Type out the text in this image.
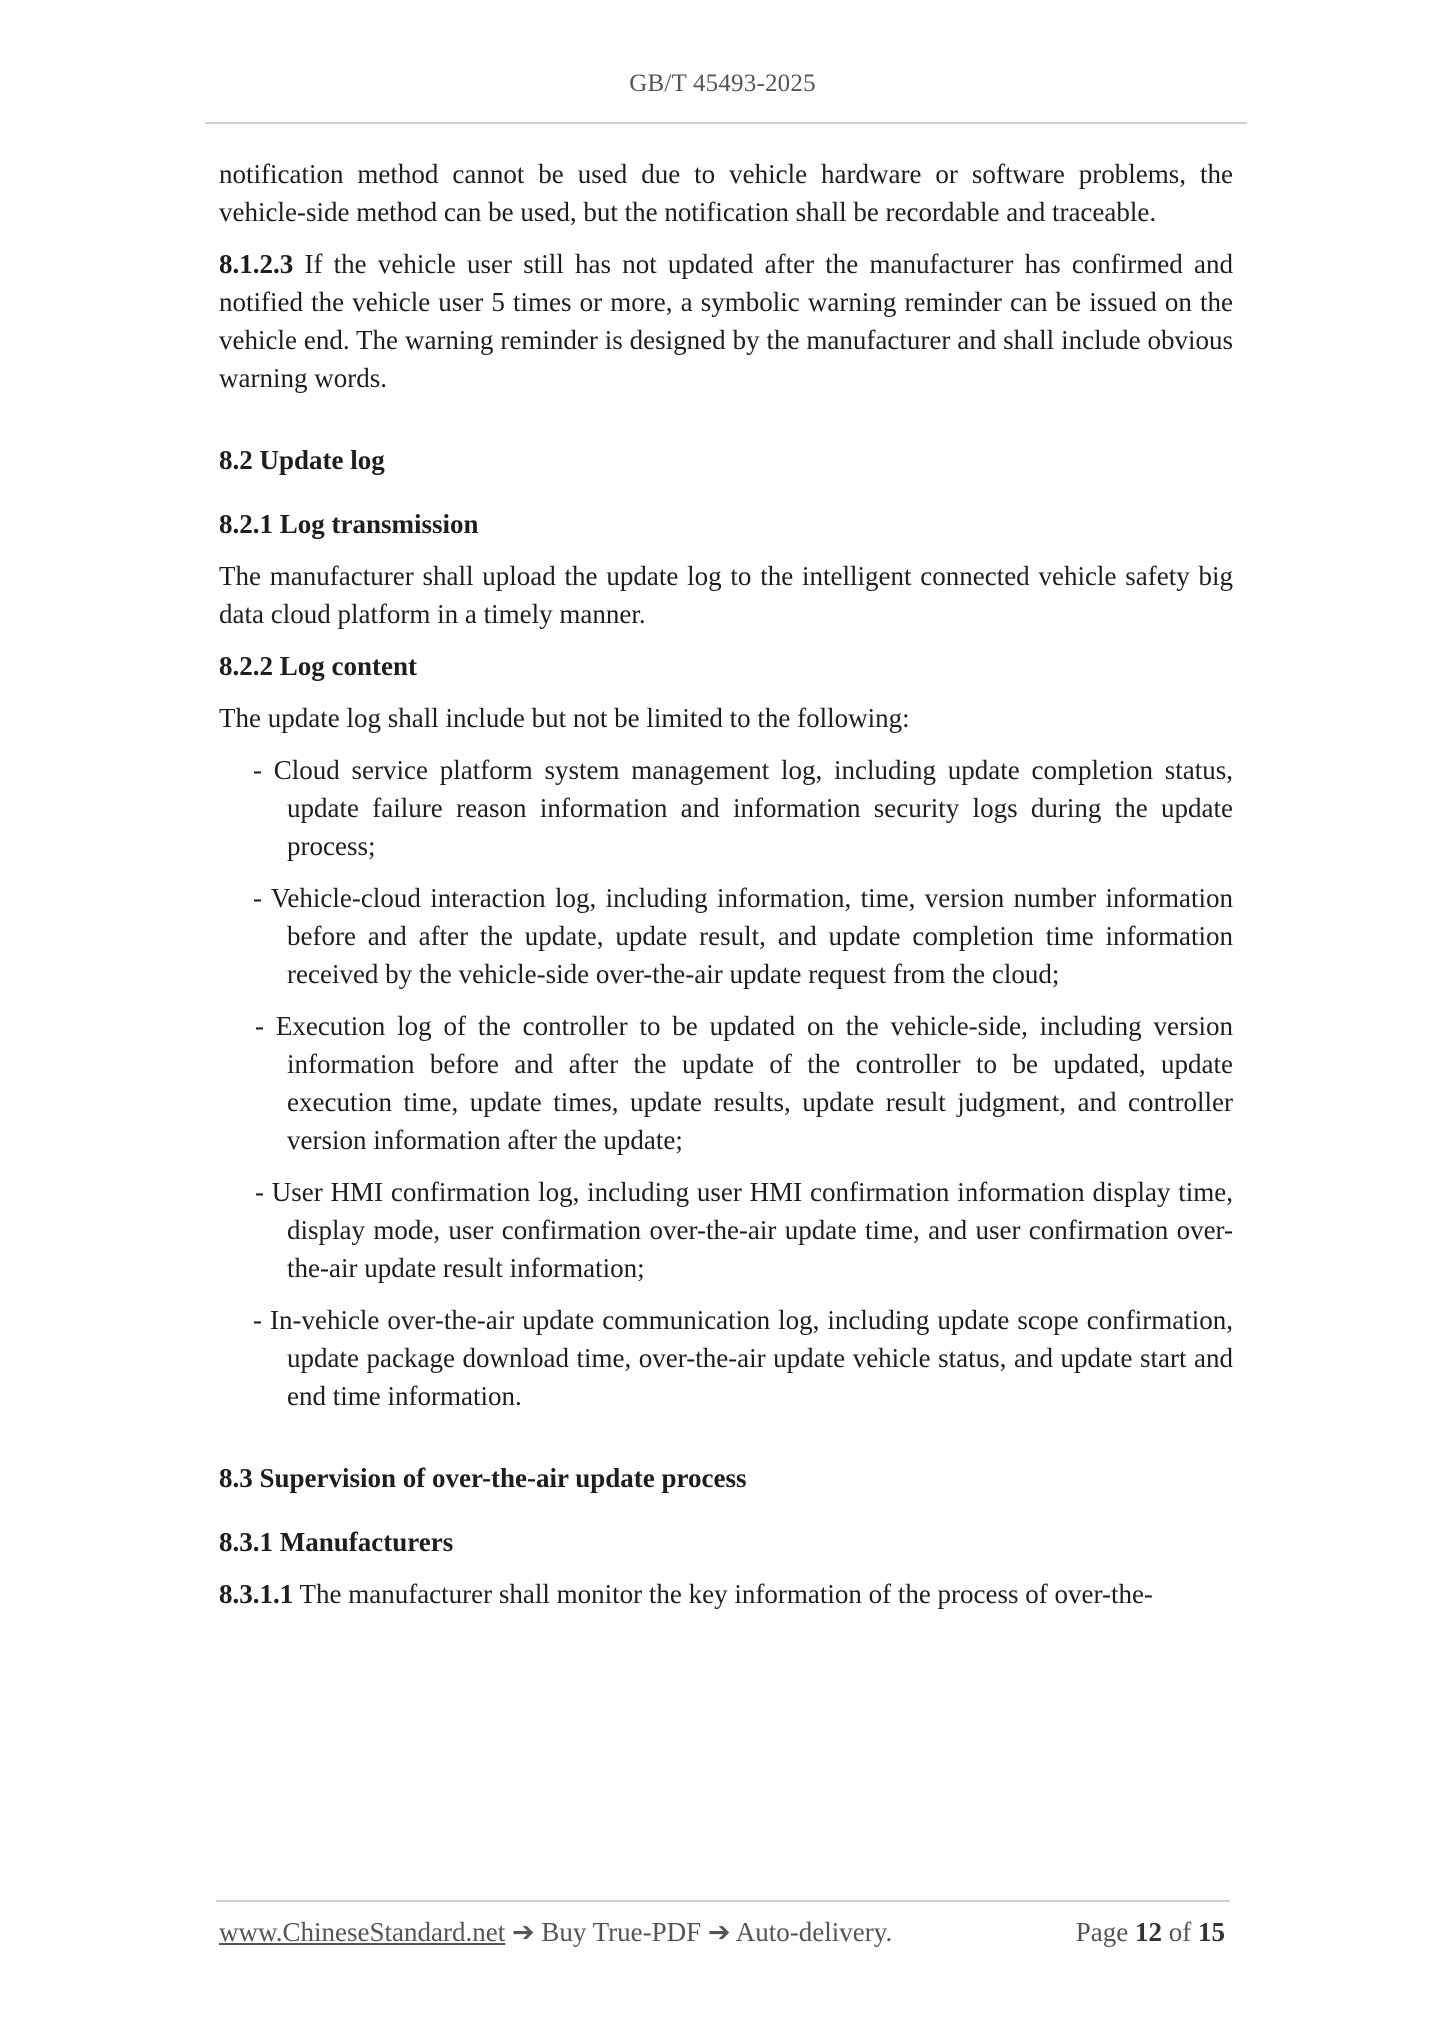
GB/T 45493-2025

notification method cannot be used due to vehicle hardware or software problems, the vehicle-side method can be used, but the notification shall be recordable and traceable.

8.1.2.3 If the vehicle user still has not updated after the manufacturer has confirmed and notified the vehicle user 5 times or more, a symbolic warning reminder can be issued on the vehicle end. The warning reminder is designed by the manufacturer and shall include obvious warning words.

8.2 Update log

8.2.1 Log transmission

The manufacturer shall upload the update log to the intelligent connected vehicle safety big data cloud platform in a timely manner.

8.2.2 Log content

The update log shall include but not be limited to the following:

- Cloud service platform system management log, including update completion status, update failure reason information and information security logs during the update process;

- Vehicle-cloud interaction log, including information, time, version number information before and after the update, update result, and update completion time information received by the vehicle-side over-the-air update request from the cloud;

- Execution log of the controller to be updated on the vehicle-side, including version information before and after the update of the controller to be updated, update execution time, update times, update results, update result judgment, and controller version information after the update;

- User HMI confirmation log, including user HMI confirmation information display time, display mode, user confirmation over-the-air update time, and user confirmation over-the-air update result information;

- In-vehicle over-the-air update communication log, including update scope confirmation, update package download time, over-the-air update vehicle status, and update start and end time information.

8.3 Supervision of over-the-air update process

8.3.1 Manufacturers

8.3.1.1 The manufacturer shall monitor the key information of the process of over-the-

www.ChineseStandard.net ➔ Buy True-PDF ➔ Auto-delivery.	Page 12 of 15
